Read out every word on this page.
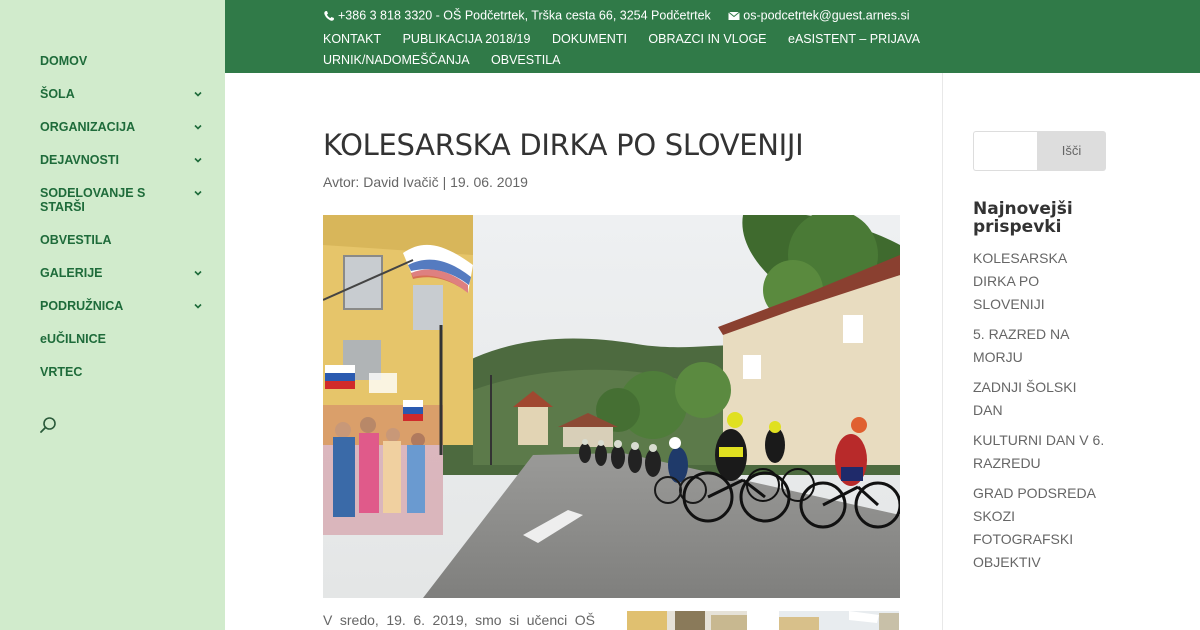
DOMOV
ŠOLA
ORGANIZACIJA
DEJAVNOSTI
SODELOVANJE S STARŠI
OBVESTILA
GALERIJE
PODRUŽNICA
eUČILNICE
VRTEC
+386 3 818 3320 - OŠ Podčetrtek, Trška cesta 66, 3254 Podčetrtek	os-podcetrtek@guest.arnes.si
KONTAKT PUBLIKACIJA 2018/19 DOKUMENTI OBRAZCI IN VLOGE eASISTENT – PRIJAVA URNIK/NADOMEŠČANJA OBVESTILA
KOLESARSKA DIRKA PO SLOVENIJI
Avtor: David Ivačič | 19. 06. 2019

V sredo, 19. 6. 2019, smo si učenci OŠ

Išči
Najnovejši prispevki
KOLESARSKA DIRKA PO SLOVENIJI
5. RAZRED NA MORJU
ZADNJI ŠOLSKI DAN
KULTURNI DAN V 6. RAZREDU
GRAD PODSREDA SKOZI FOTOGRAFSKI OBJEKTIV
